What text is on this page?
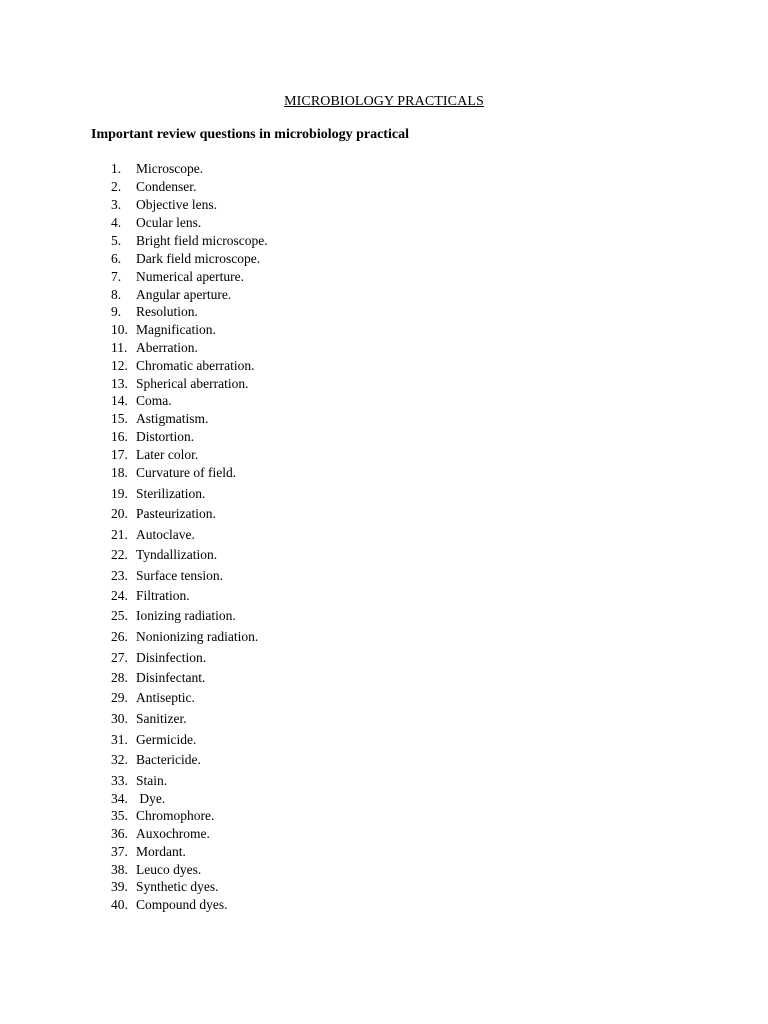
MICROBIOLOGY PRACTICALS
Important review questions in microbiology practical
1. Microscope.
2. Condenser.
3. Objective lens.
4. Ocular lens.
5. Bright field microscope.
6. Dark field microscope.
7. Numerical aperture.
8. Angular aperture.
9. Resolution.
10. Magnification.
11. Aberration.
12. Chromatic aberration.
13. Spherical aberration.
14. Coma.
15. Astigmatism.
16. Distortion.
17. Later color.
18. Curvature of field.
19. Sterilization.
20. Pasteurization.
21. Autoclave.
22. Tyndallization.
23. Surface tension.
24. Filtration.
25. Ionizing radiation.
26. Nonionizing radiation.
27. Disinfection.
28. Disinfectant.
29. Antiseptic.
30. Sanitizer.
31. Germicide.
32. Bactericide.
33. Stain.
34. Dye.
35. Chromophore.
36. Auxochrome.
37. Mordant.
38. Leuco dyes.
39. Synthetic dyes.
40. Compound dyes.
